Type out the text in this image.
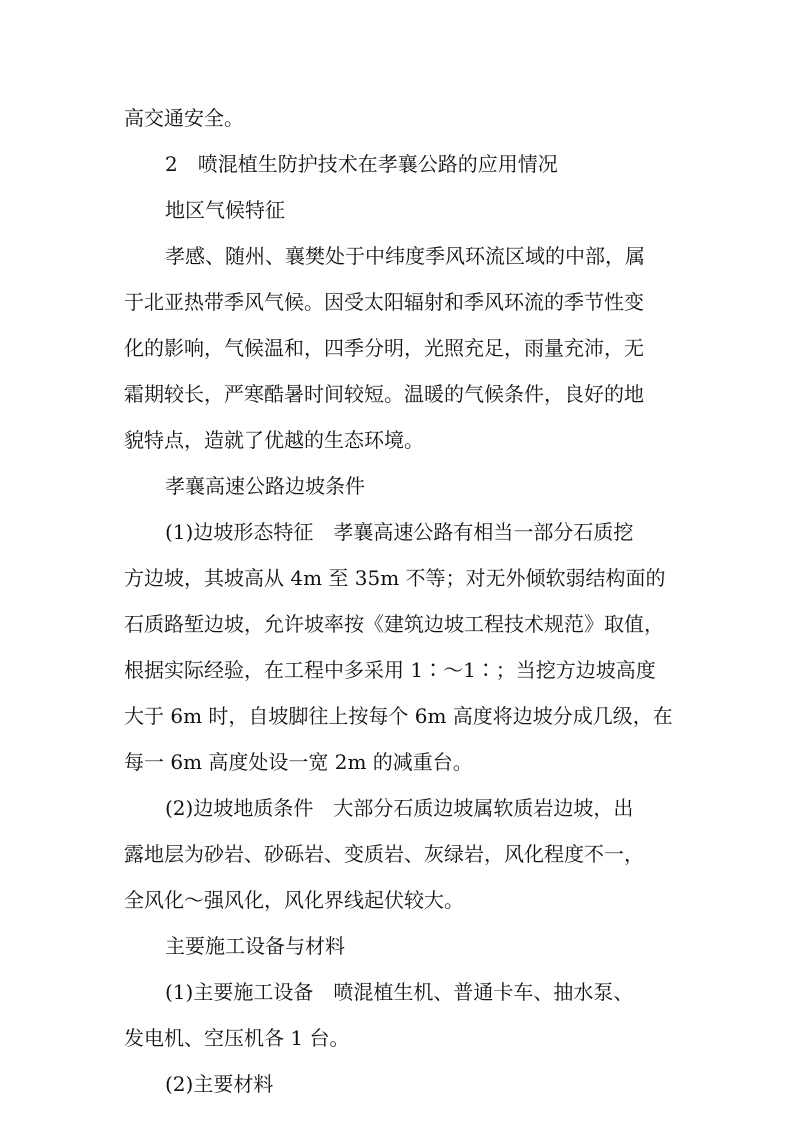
高交通安全。
2　喷混植生防护技术在孝襄公路的应用情况
地区气候特征
孝感、随州、襄樊处于中纬度季风环流区域的中部，属
于北亚热带季风气候。因受太阳辐射和季风环流的季节性变
化的影响，气候温和，四季分明，光照充足，雨量充沛，无
霜期较长，严寒酷暑时间较短。温暖的气候条件，良好的地
貌特点，造就了优越的生态环境。
孝襄高速公路边坡条件
(1)边坡形态特征　孝襄高速公路有相当一部分石质挖
方边坡，其坡高从 4m 至 35m 不等；对无外倾软弱结构面的
石质路堑边坡，允许坡率按《建筑边坡工程技术规范》取值，
根据实际经验，在工程中多采用 1∶～1∶；当挖方边坡高度
大于 6m 时，自坡脚往上按每个 6m 高度将边坡分成几级，在
每一 6m 高度处设一宽 2m 的减重台。
(2)边坡地质条件　大部分石质边坡属软质岩边坡，出
露地层为砂岩、砂砾岩、变质岩、灰绿岩，风化程度不一，
全风化～强风化，风化界线起伏较大。
主要施工设备与材料
(1)主要施工设备　喷混植生机、普通卡车、抽水泵、
发电机、空压机各 1 台。
(2)主要材料
